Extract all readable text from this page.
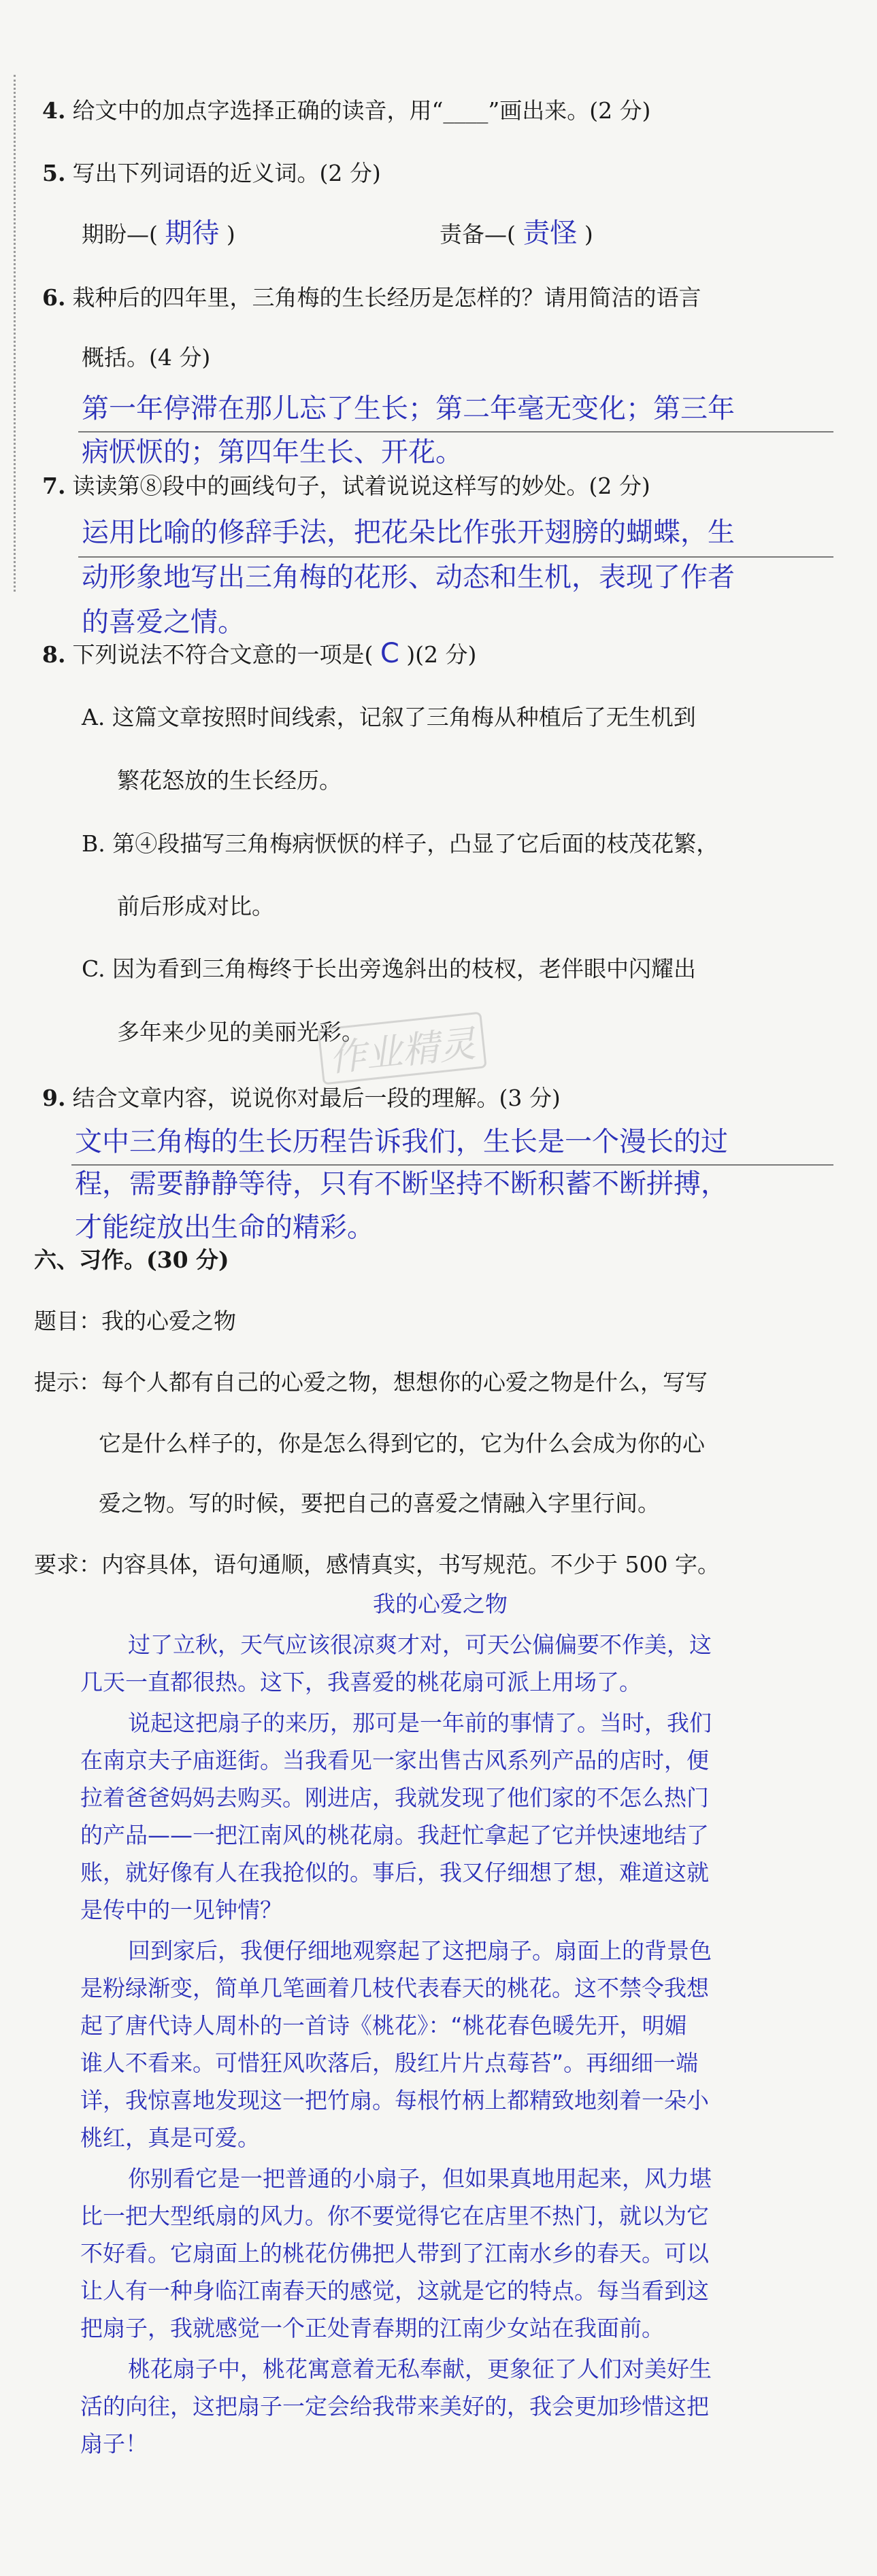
4. 给文中的加点字选择正确的读音，用“____”画出来。(2 分)
5. 写出下列词语的近义词。(2 分)
期盼—( 期待 )	责备—( 责怪 )
6. 栽种后的四年里，三角梅的生长经历是怎样的？请用简洁的语言
概括。(4 分)
第一年停滞在那儿忘了生长；第二年毫无变化；第三年
病恹恹的；第四年生长、开花。
7. 读读第⑧段中的画线句子，试着说说这样写的妙处。(2 分)
运用比喻的修辞手法，把花朵比作张开翅膀的蝴蝶，生
动形象地写出三角梅的花形、动态和生机，表现了作者
的喜爱之情。
8. 下列说法不符合文意的一项是( C )(2 分)
A. 这篇文章按照时间线索，记叙了三角梅从种植后了无生机到
繁花怒放的生长经历。
B. 第④段描写三角梅病恹恹的样子，凸显了它后面的枝茂花繁，
前后形成对比。
C. 因为看到三角梅终于长出旁逸斜出的枝杈，老伴眼中闪耀出
多年来少见的美丽光彩。
作业精灵
9. 结合文章内容，说说你对最后一段的理解。(3 分)
文中三角梅的生长历程告诉我们，生长是一个漫长的过
程，需要静静等待，只有不断坚持不断积蓄不断拼搏，
才能绽放出生命的精彩。
六、习作。(30 分)
题目：我的心爱之物
提示：每个人都有自己的心爱之物，想想你的心爱之物是什么，写写
它是什么样子的，你是怎么得到它的，它为什么会成为你的心
爱之物。写的时候，要把自己的喜爱之情融入字里行间。
要求：内容具体，语句通顺，感情真实，书写规范。不少于 500 字。
我的心爱之物
过了立秋，天气应该很凉爽才对，可天公偏偏要不作美，这
几天一直都很热。这下，我喜爱的桃花扇可派上用场了。
说起这把扇子的来历，那可是一年前的事情了。当时，我们
在南京夫子庙逛街。当我看见一家出售古风系列产品的店时，便
拉着爸爸妈妈去购买。刚进店，我就发现了他们家的不怎么热门
的产品——一把江南风的桃花扇。我赶忙拿起了它并快速地结了
账，就好像有人在我抢似的。事后，我又仔细想了想，难道这就
是传中的一见钟情？
回到家后，我便仔细地观察起了这把扇子。扇面上的背景色
是粉绿渐变，简单几笔画着几枝代表春天的桃花。这不禁令我想
起了唐代诗人周朴的一首诗《桃花》：“桃花春色暖先开，明媚
谁人不看来。可惜狂风吹落后，殷红片片点莓苔”。再细细一端
详，我惊喜地发现这一把竹扇。每根竹柄上都精致地刻着一朵小
桃红，真是可爱。
你别看它是一把普通的小扇子，但如果真地用起来，风力堪
比一把大型纸扇的风力。你不要觉得它在店里不热门，就以为它
不好看。它扇面上的桃花仿佛把人带到了江南水乡的春天。可以
让人有一种身临江南春天的感觉，这就是它的特点。每当看到这
把扇子，我就感觉一个正处青春期的江南少女站在我面前。
桃花扇子中，桃花寓意着无私奉献，更象征了人们对美好生
活的向往，这把扇子一定会给我带来美好的，我会更加珍惜这把
扇子！
